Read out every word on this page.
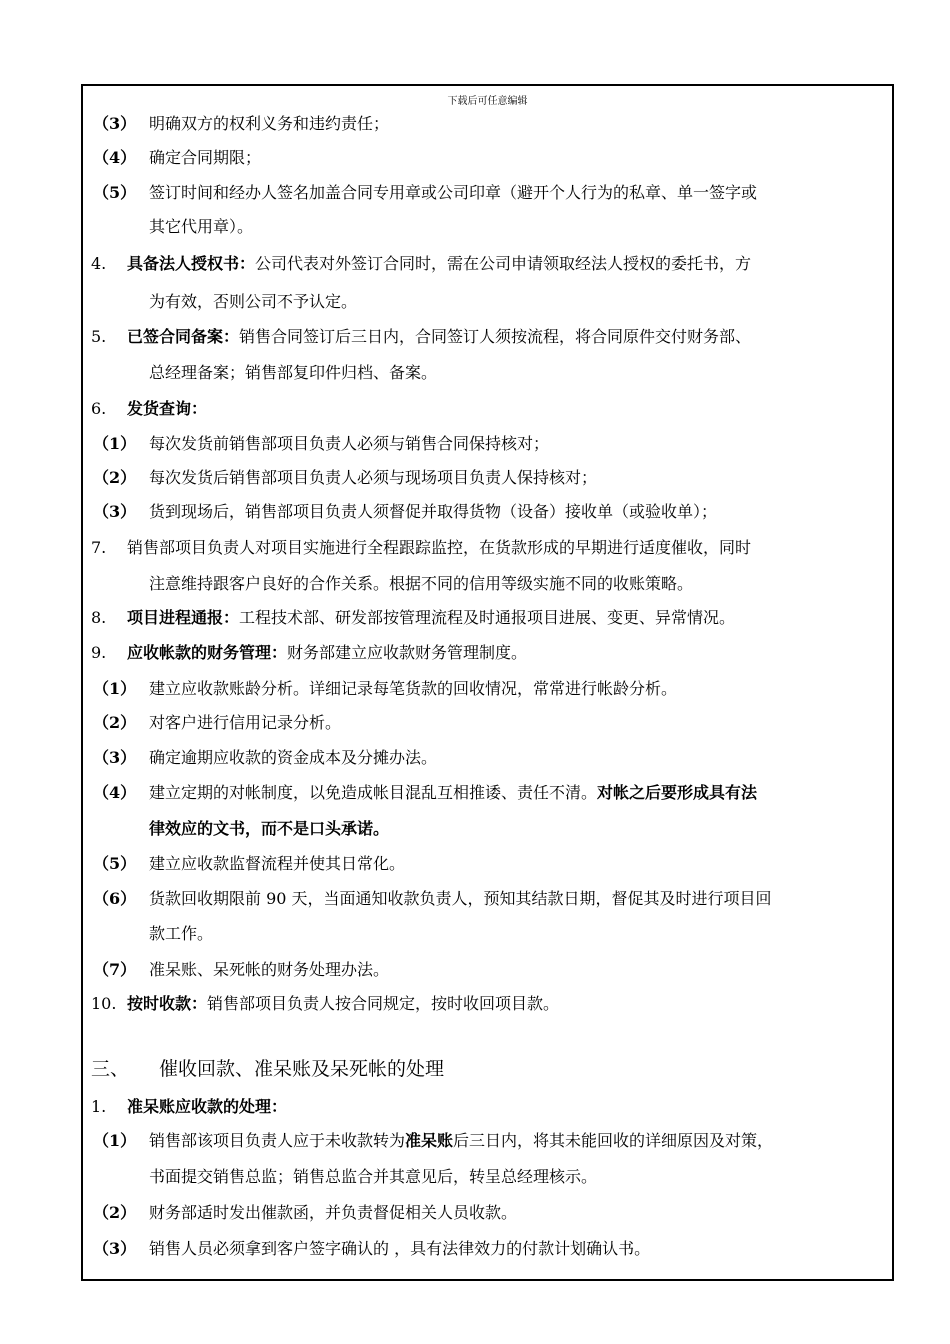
下载后可任意编辑
（3） 明确双方的权利义务和违约责任；
（4） 确定合同期限；
（5） 签订时间和经办人签名加盖合同专用章或公司印章（避开个人行为的私章、单一签字或
其它代用章）。
4. 具备法人授权书：公司代表对外签订合同时，需在公司申请领取经法人授权的委托书，方
为有效，否则公司不予认定。
5. 已签合同备案：销售合同签订后三日内，合同签订人须按流程，将合同原件交付财务部、
总经理备案；销售部复印件归档、备案。
6. 发货查询：
（1） 每次发货前销售部项目负责人必须与销售合同保持核对；
（2） 每次发货后销售部项目负责人必须与现场项目负责人保持核对；
（3） 货到现场后，销售部项目负责人须督促并取得货物（设备）接收单（或验收单）；
7. 销售部项目负责人对项目实施进行全程跟踪监控，在货款形成的早期进行适度催收，同时
注意维持跟客户良好的合作关系。根据不同的信用等级实施不同的收账策略。
8. 项目进程通报：工程技术部、研发部按管理流程及时通报项目进展、变更、异常情况。
9. 应收帐款的财务管理：财务部建立应收款财务管理制度。
（1） 建立应收款账龄分析。详细记录每笔货款的回收情况，常常进行帐龄分析。
（2） 对客户进行信用记录分析。
（3） 确定逾期应收款的资金成本及分摊办法。
（4） 建立定期的对帐制度，以免造成帐目混乱互相推诿、责任不清。对帐之后要形成具有法
律效应的文书，而不是口头承诺。
（5） 建立应收款监督流程并使其日常化。
（6） 货款回收期限前 90 天，当面通知收款负责人，预知其结款日期，督促其及时进行项目回
款工作。
（7） 准呆账、呆死帐的财务处理办法。
10. 按时收款：销售部项目负责人按合同规定，按时收回项目款。
三、 催收回款、准呆账及呆死帐的处理
1. 准呆账应收款的处理：
（1） 销售部该项目负责人应于未收款转为准呆账后三日内，将其未能回收的详细原因及对策，
书面提交销售总监；销售总监合并其意见后，转呈总经理核示。
（2） 财务部适时发出催款函，并负责督促相关人员收款。
（3） 销售人员必须拿到客户签字确认的 ，具有法律效力的付款计划确认书。
